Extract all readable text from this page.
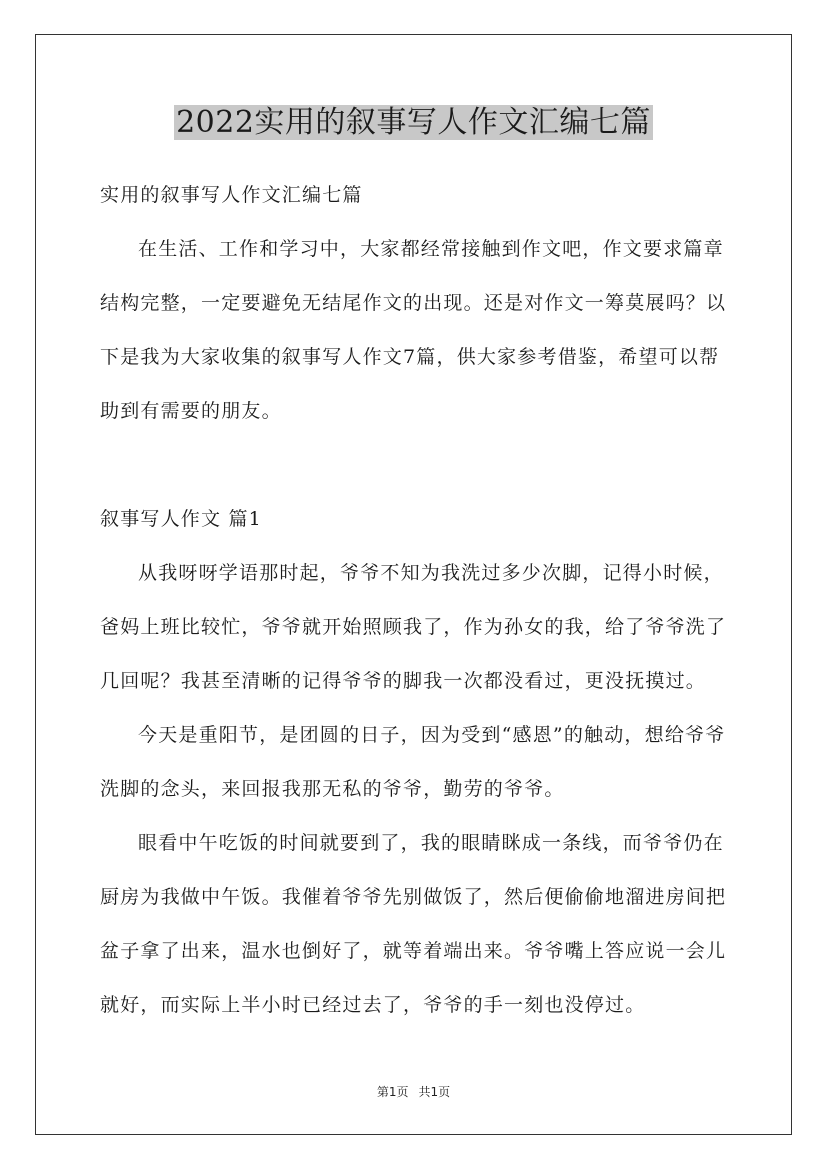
2022实用的叙事写人作文汇编七篇
实用的叙事写人作文汇编七篇

在生活、工作和学习中，大家都经常接触到作文吧，作文要求篇章结构完整，一定要避免无结尾作文的出现。还是对作文一筹莫展吗？以下是我为大家收集的叙事写人作文7篇，供大家参考借鉴，希望可以帮助到有需要的朋友。

叙事写人作文 篇1

从我呀呀学语那时起，爷爷不知为我洗过多少次脚，记得小时候，爸妈上班比较忙，爷爷就开始照顾我了，作为孙女的我，给了爷爷洗了几回呢？我甚至清晰的记得爷爷的脚我一次都没看过，更没抚摸过。

今天是重阳节，是团圆的日子，因为受到“感恩”的触动，想给爷爷洗脚的念头，来回报我那无私的爷爷，勤劳的爷爷。

眼看中午吃饭的时间就要到了，我的眼睛眯成一条线，而爷爷仍在厨房为我做中午饭。我催着爷爷先别做饭了，然后便偷偷地溜进房间把盆子拿了出来，温水也倒好了，就等着端出来。爷爷嘴上答应说一会儿就好，而实际上半小时已经过去了，爷爷的手一刻也没停过。

第1页 共1页
